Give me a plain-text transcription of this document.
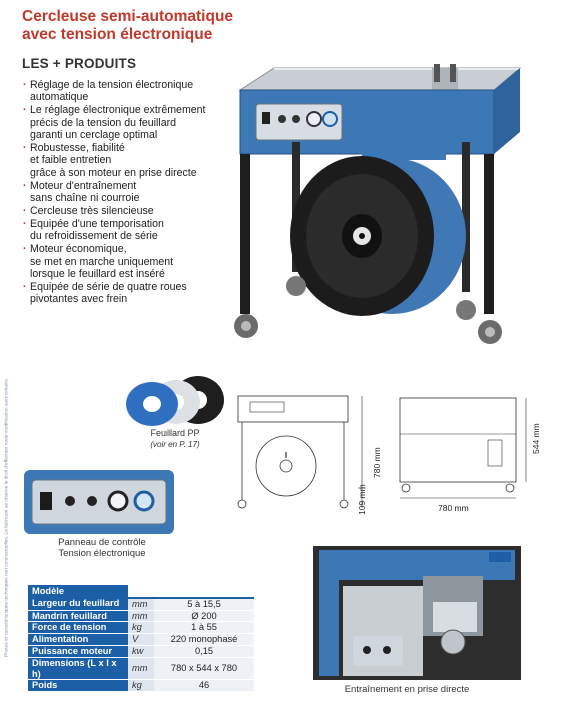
Cercleuse semi-automatique
avec tension électronique
LES + PRODUITS
· Réglage de la tension électronique
automatique
· Le réglage électronique extrêmement
précis de la tension du feuillard
garanti un cerclage optimal
· Robustesse, fiabilité
et faible entretien
grâce à son moteur en prise directe
· Moteur d'entraînement
sans chaîne ni courroie
· Cercleuse très silencieuse
· Equipée d'une temporisation
du refroidissement de série
· Moteur économique,
se met en marche uniquement
lorsque le feuillard est inséré
· Equipée de série de quatre roues
pivotantes avec frein
Photos et caractéristiques techniques non contractuelles. Le fabricant se réserve le droit d'effectuer toute modification sans préavis.	Feuillard PP
(voir en P. 17)
Panneau de contrôle
Tension électronique
780 mm
109 mm	780 mm
544 mm
Entraînement en prise directe
Modèle		
Largeur du feuillard	mm	5 à 15,5
Mandrin feuillard	mm	Ø 200
Force de tension	kg	1 à 55
Alimentation	V	220 monophasé
Puissance moteur	kw	0,15
Dimensions (L x l x h)	mm	780 x 544 x 780
Poids	kg	46
